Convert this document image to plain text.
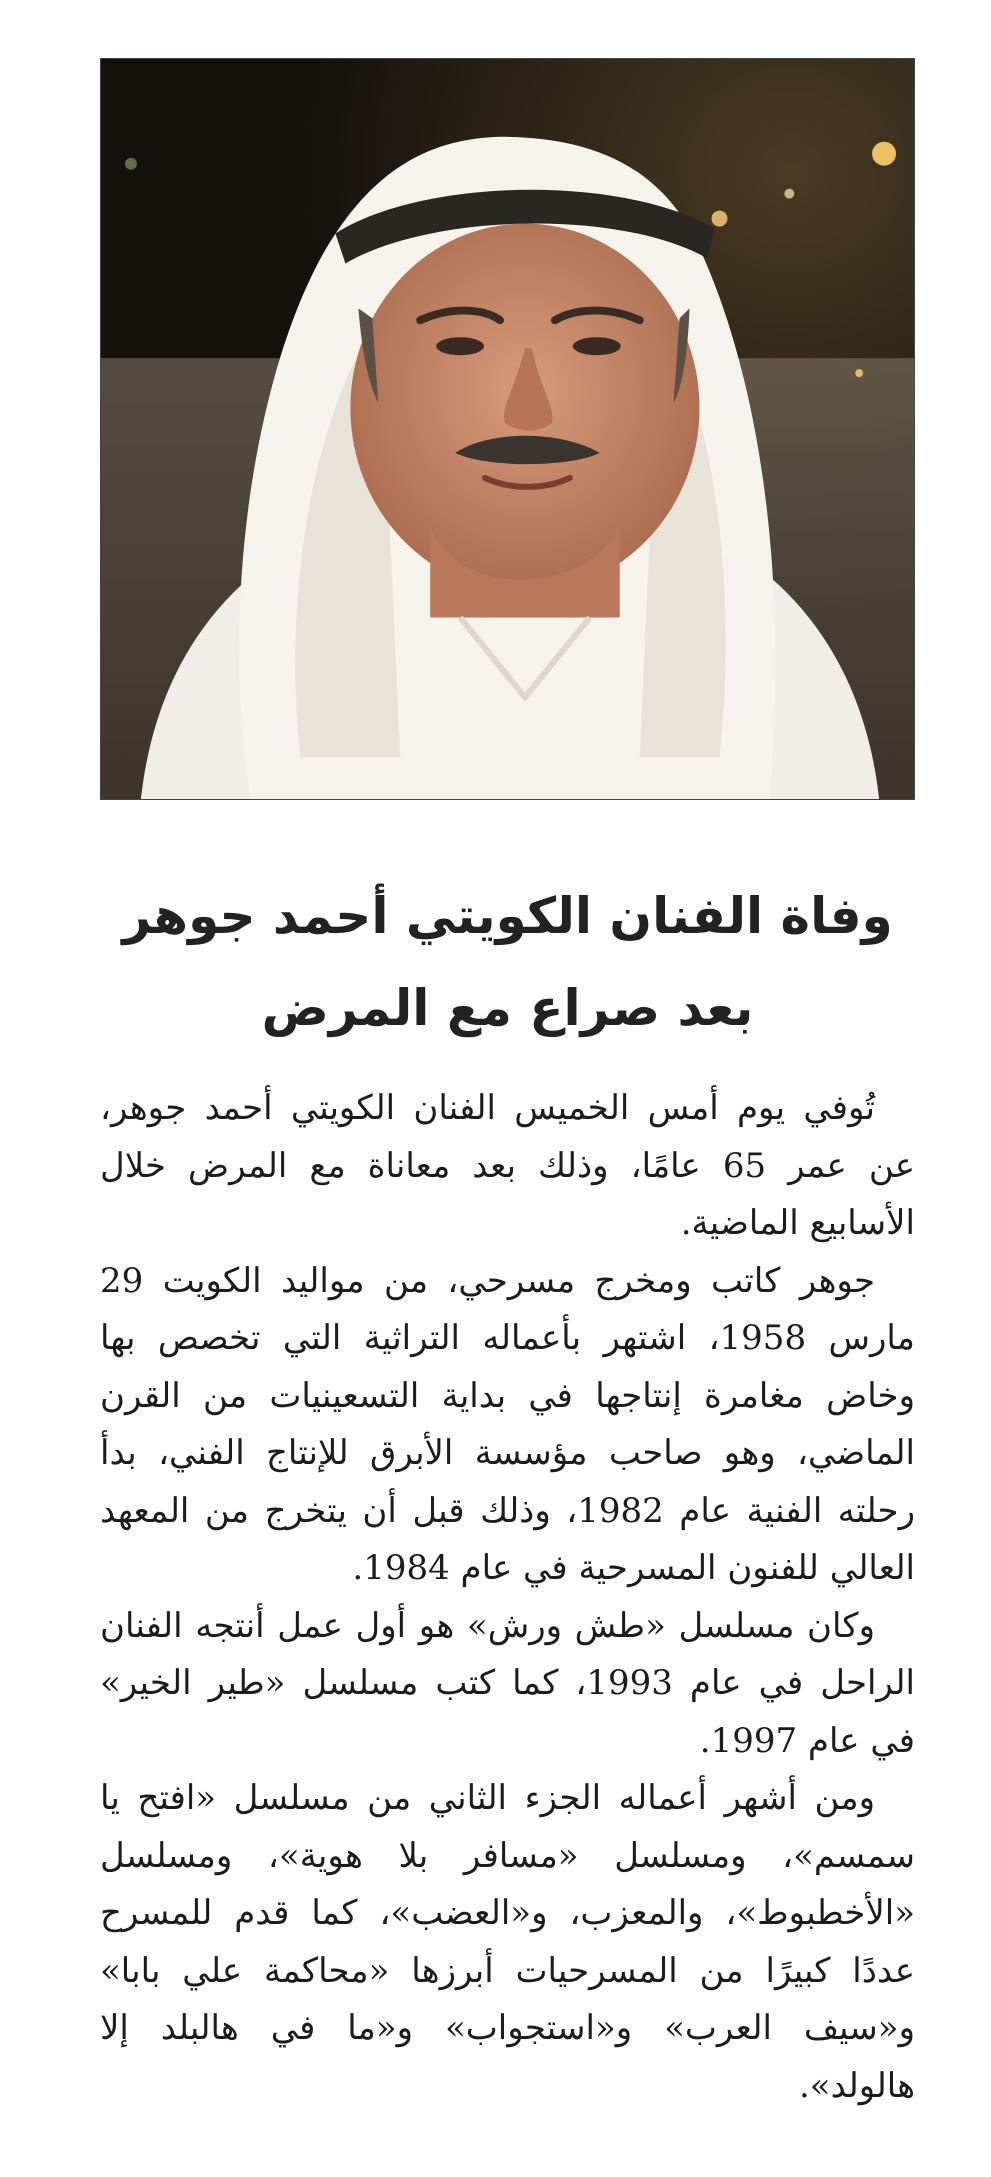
وفاة الفنان الكويتي أحمد جوهر
بعد صراع مع المرض

تُوفي يوم أمس الخميس الفنان الكويتي أحمد جوهر، عن عمر 65 عامًا، وذلك بعد معاناة مع المرض خلال الأسابيع الماضية.

جوهر كاتب ومخرج مسرحي، من مواليد الكويت 29 مارس 1958، اشتهر بأعماله التراثية التي تخصص بها وخاض مغامرة إنتاجها في بداية التسعينيات من القرن الماضي، وهو صاحب مؤسسة الأبرق للإنتاج الفني، بدأ رحلته الفنية عام 1982، وذلك قبل أن يتخرج من المعهد العالي للفنون المسرحية في عام 1984.

وكان مسلسل «طش ورش» هو أول عمل أنتجه الفنان الراحل في عام 1993، كما كتب مسلسل «طير الخير» في عام 1997.

ومن أشهر أعماله الجزء الثاني من مسلسل «افتح يا سمسم»، ومسلسل «مسافر بلا هوية»، ومسلسل «الأخطبوط»، والمعزب، و«العضب»، كما قدم للمسرح عددًا كبيرًا من المسرحيات أبرزها «محاكمة علي بابا» و«سيف العرب» و«استجواب» و«ما في هالبلد إلا هالولد».
